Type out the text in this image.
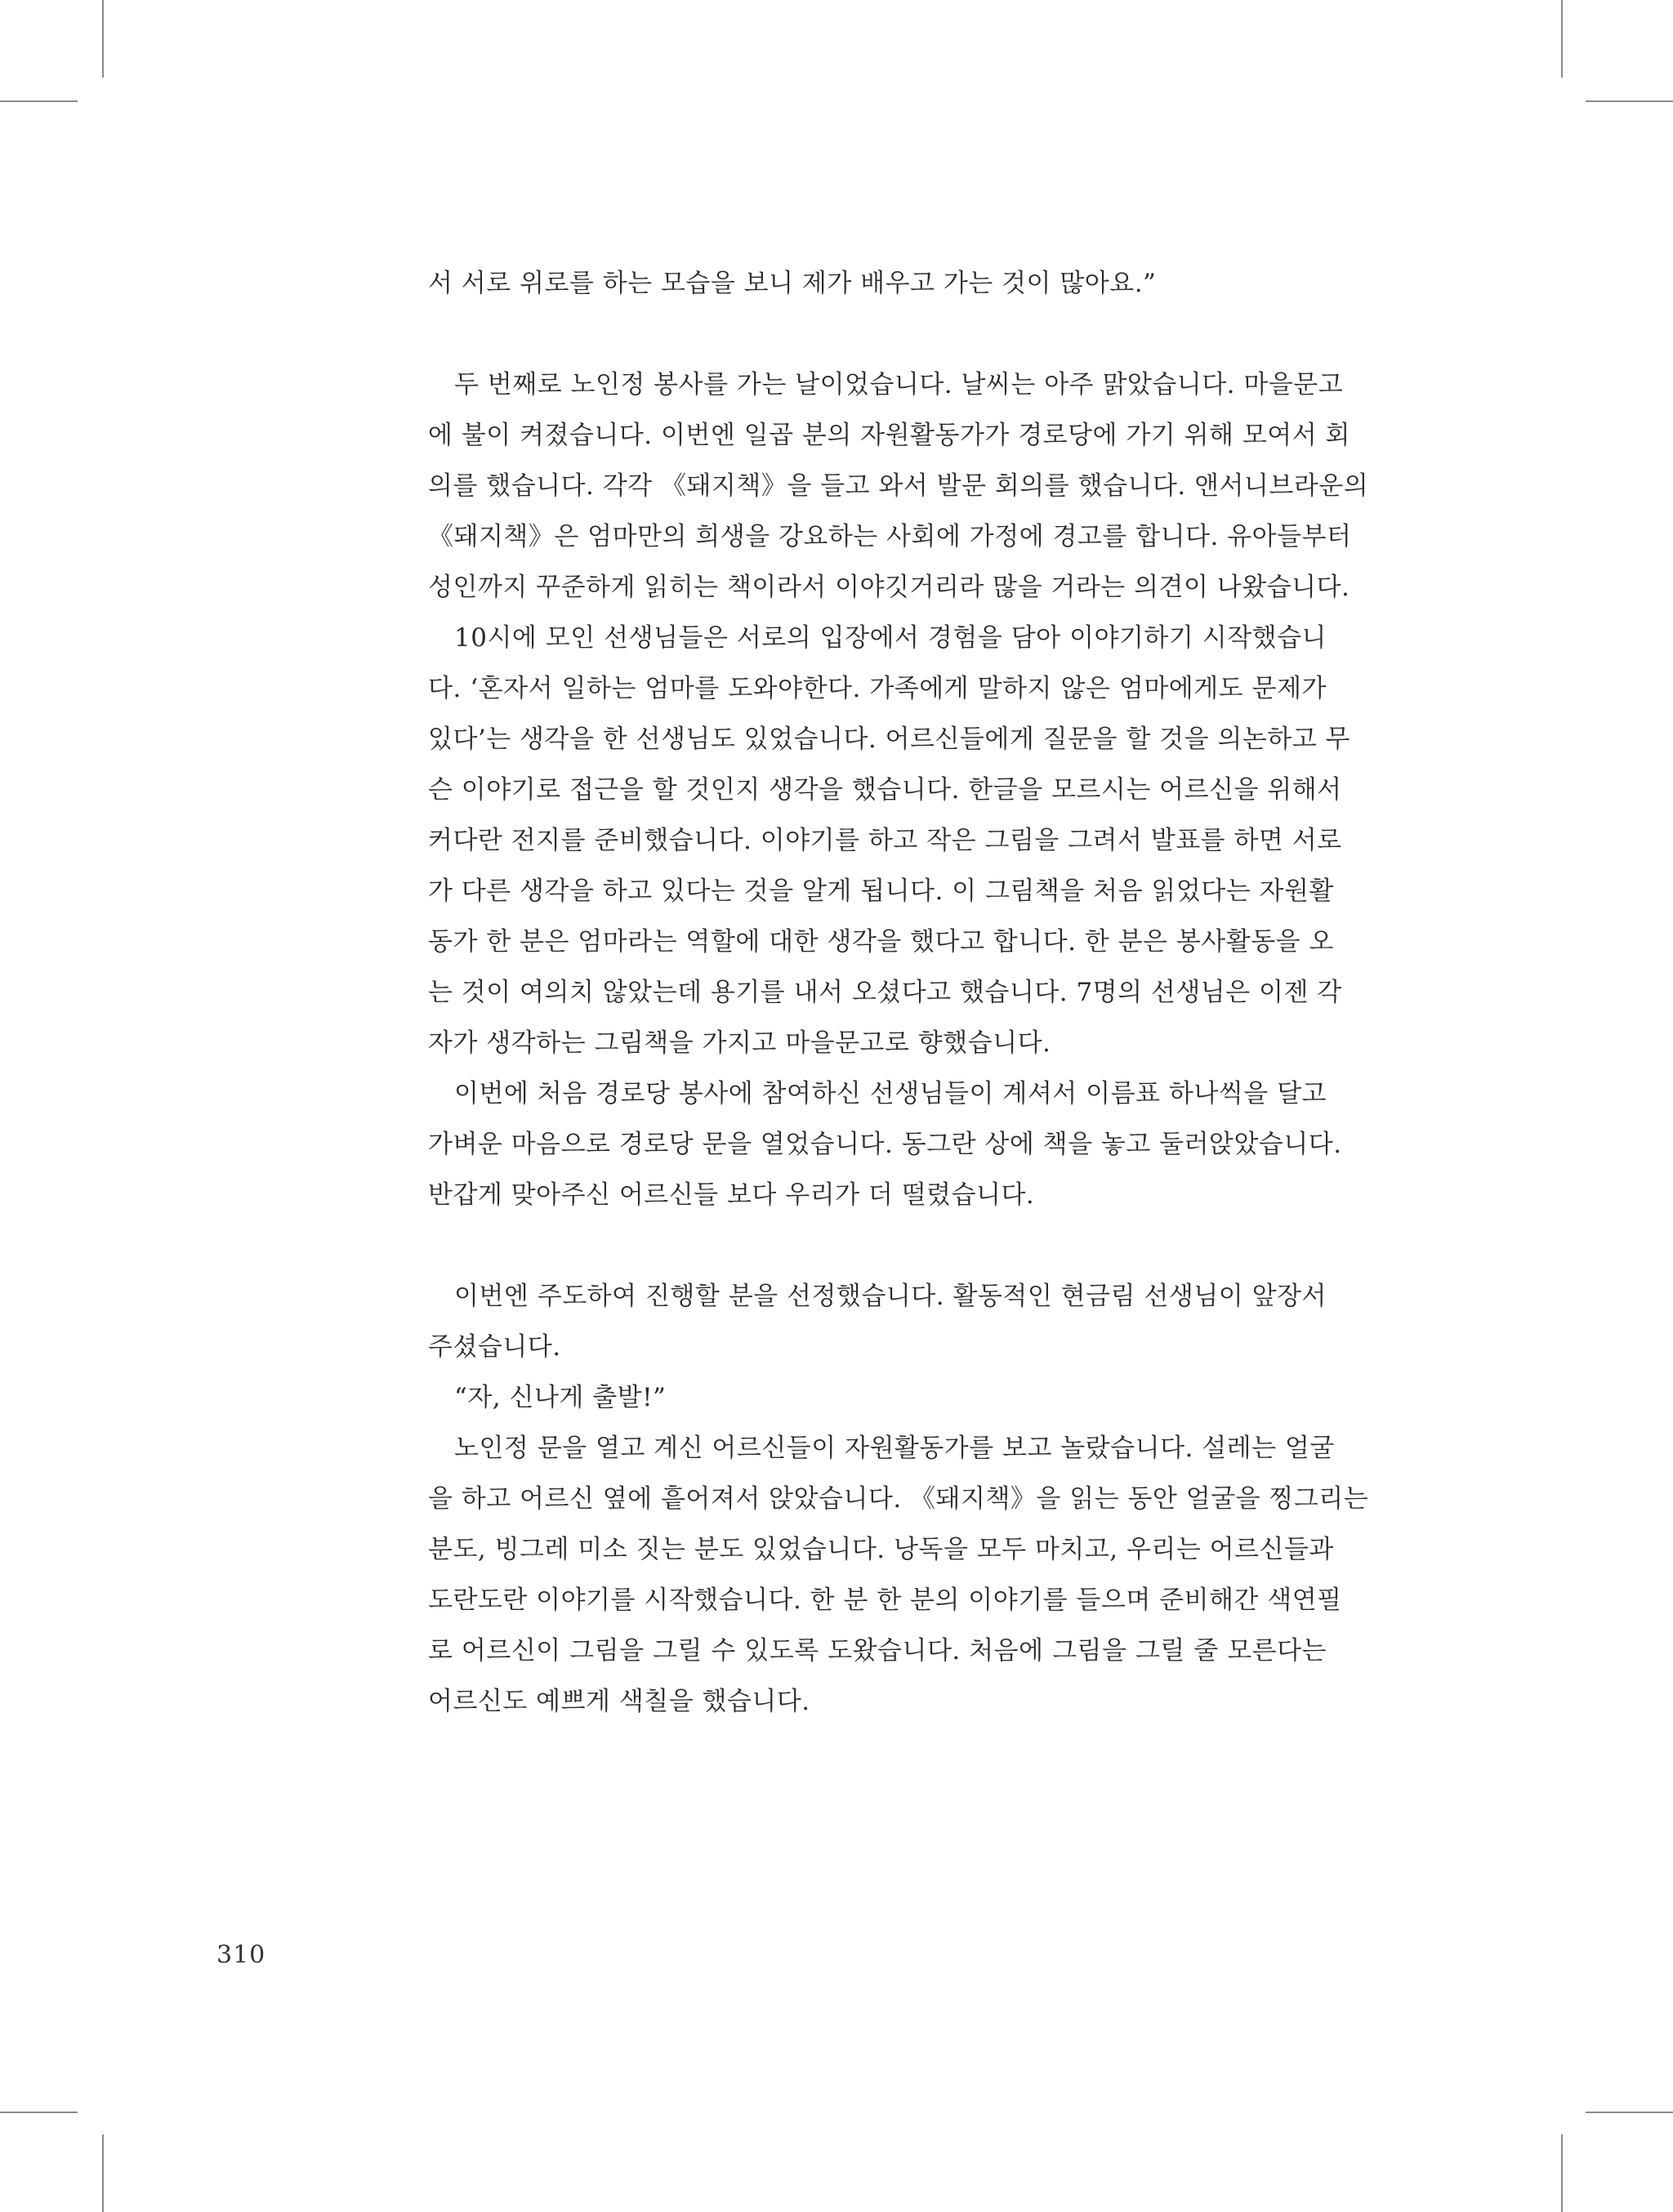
서 서로 위로를 하는 모습을 보니 제가 배우고 가는 것이 많아요.”
두 번째로 노인정 봉사를 가는 날이었습니다. 날씨는 아주 맑았습니다. 마을문고
에 불이 켜졌습니다. 이번엔 일곱 분의 자원활동가가 경로당에 가기 위해 모여서 회
의를 했습니다. 각각 《돼지책》을 들고 와서 발문 회의를 했습니다. 앤서니브라운의
《돼지책》은 엄마만의 희생을 강요하는 사회에 가정에 경고를 합니다. 유아들부터
성인까지 꾸준하게 읽히는 책이라서 이야깃거리라 많을 거라는 의견이 나왔습니다.
10시에 모인 선생님들은 서로의 입장에서 경험을 담아 이야기하기 시작했습니
다. ‘혼자서 일하는 엄마를 도와야한다. 가족에게 말하지 않은 엄마에게도 문제가
있다’는 생각을 한 선생님도 있었습니다. 어르신들에게 질문을 할 것을 의논하고 무
슨 이야기로 접근을 할 것인지 생각을 했습니다. 한글을 모르시는 어르신을 위해서
커다란 전지를 준비했습니다. 이야기를 하고 작은 그림을 그려서 발표를 하면 서로
가 다른 생각을 하고 있다는 것을 알게 됩니다. 이 그림책을 처음 읽었다는 자원활
동가 한 분은 엄마라는 역할에 대한 생각을 했다고 합니다. 한 분은 봉사활동을 오
는 것이 여의치 않았는데 용기를 내서 오셨다고 했습니다. 7명의 선생님은 이젠 각
자가 생각하는 그림책을 가지고 마을문고로 향했습니다.
이번에 처음 경로당 봉사에 참여하신 선생님들이 계셔서 이름표 하나씩을 달고
가벼운 마음으로 경로당 문을 열었습니다. 동그란 상에 책을 놓고 둘러앉았습니다.
반갑게 맞아주신 어르신들 보다 우리가 더 떨렸습니다.
이번엔 주도하여 진행할 분을 선정했습니다. 활동적인 현금림 선생님이 앞장서
주셨습니다.
“자, 신나게 출발!”
노인정 문을 열고 계신 어르신들이 자원활동가를 보고 놀랐습니다. 설레는 얼굴
을 하고 어르신 옆에 흩어져서 앉았습니다. 《돼지책》을 읽는 동안 얼굴을 찡그리는
분도, 빙그레 미소 짓는 분도 있었습니다. 낭독을 모두 마치고, 우리는 어르신들과
도란도란 이야기를 시작했습니다. 한 분 한 분의 이야기를 들으며 준비해간 색연필
로 어르신이 그림을 그릴 수 있도록 도왔습니다. 처음에 그림을 그릴 줄 모른다는
어르신도 예쁘게 색칠을 했습니다.
310
